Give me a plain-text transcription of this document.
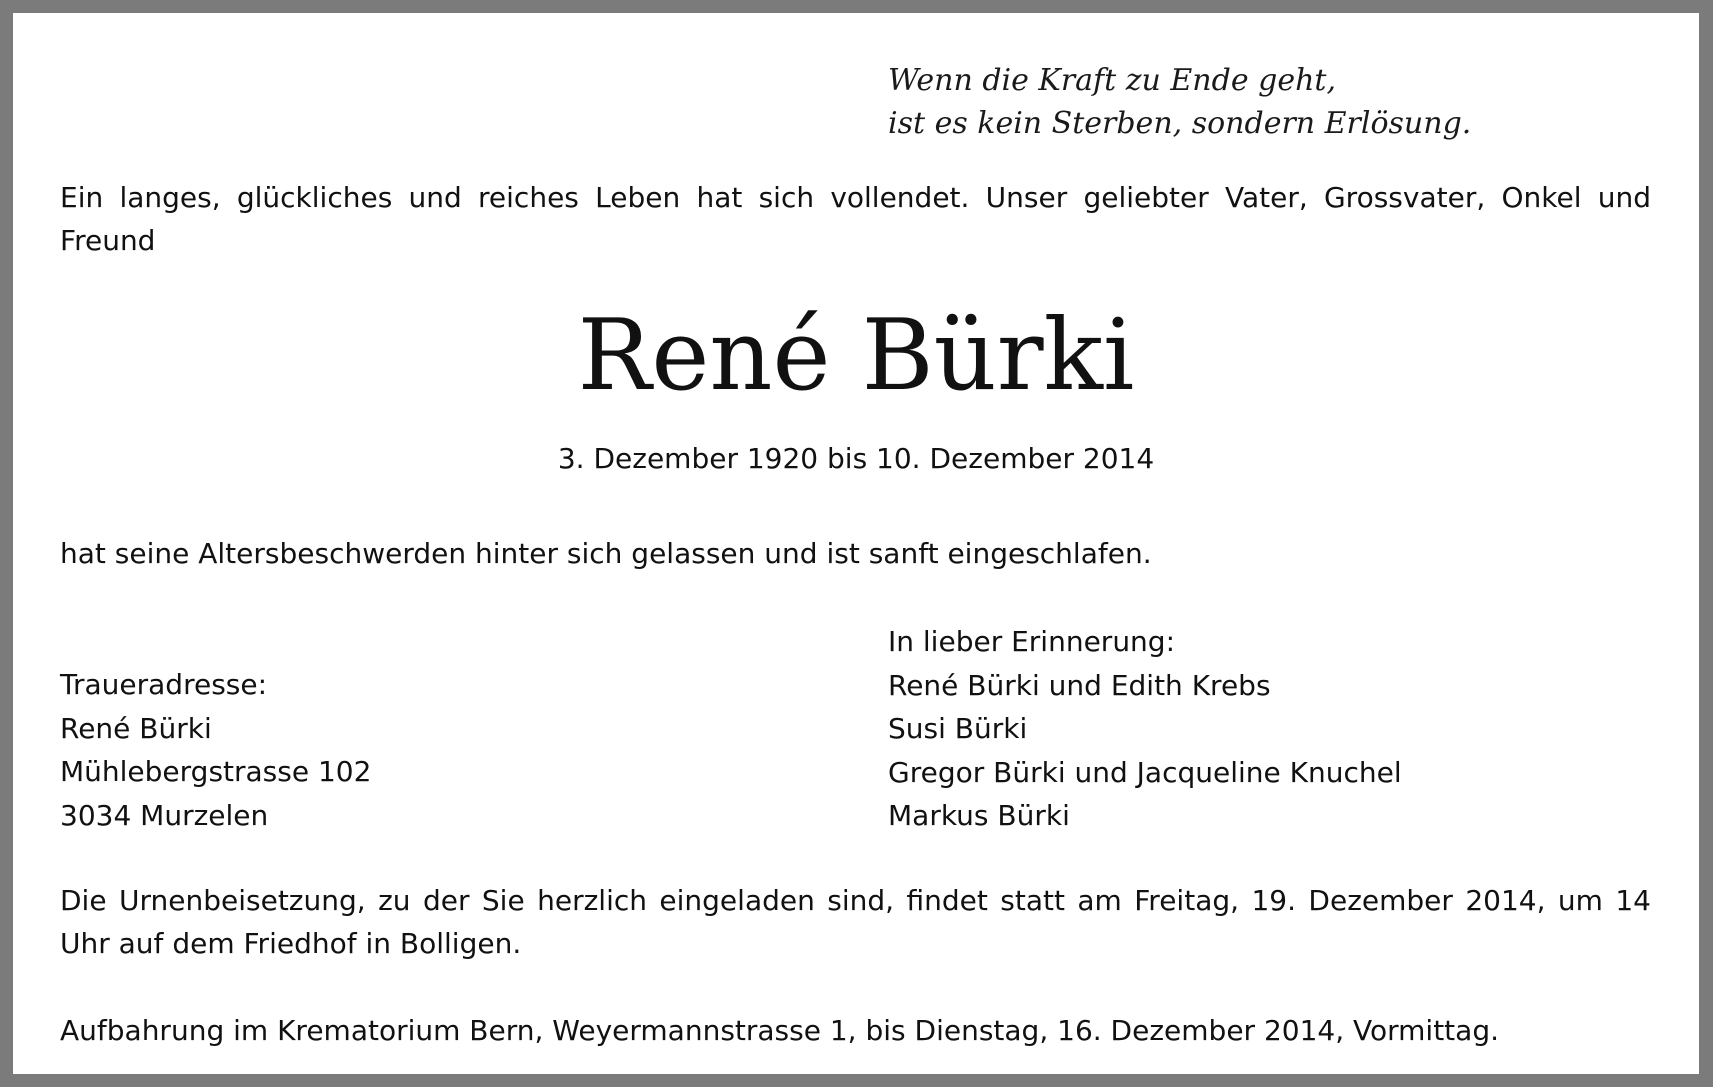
Wenn die Kraft zu Ende geht,
ist es kein Sterben, sondern Erlösung.
Ein langes, glückliches und reiches Leben hat sich vollendet. Unser geliebter Vater, Grossvater, Onkel und Freund
René Bürki
3. Dezember 1920 bis 10. Dezember 2014
hat seine Altersbeschwerden hinter sich gelassen und ist sanft eingeschlafen.
Traueradresse:
René Bürki
Mühlebergstrasse 102
3034 Murzelen
In lieber Erinnerung:
René Bürki und Edith Krebs
Susi Bürki
Gregor Bürki und Jacqueline Knuchel
Markus Bürki
Die Urnenbeisetzung, zu der Sie herzlich eingeladen sind, findet statt am Freitag, 19. Dezember 2014, um 14 Uhr auf dem Friedhof in Bolligen.
Aufbahrung im Krematorium Bern, Weyermannstrasse 1, bis Dienstag, 16. Dezember 2014, Vormittag.
